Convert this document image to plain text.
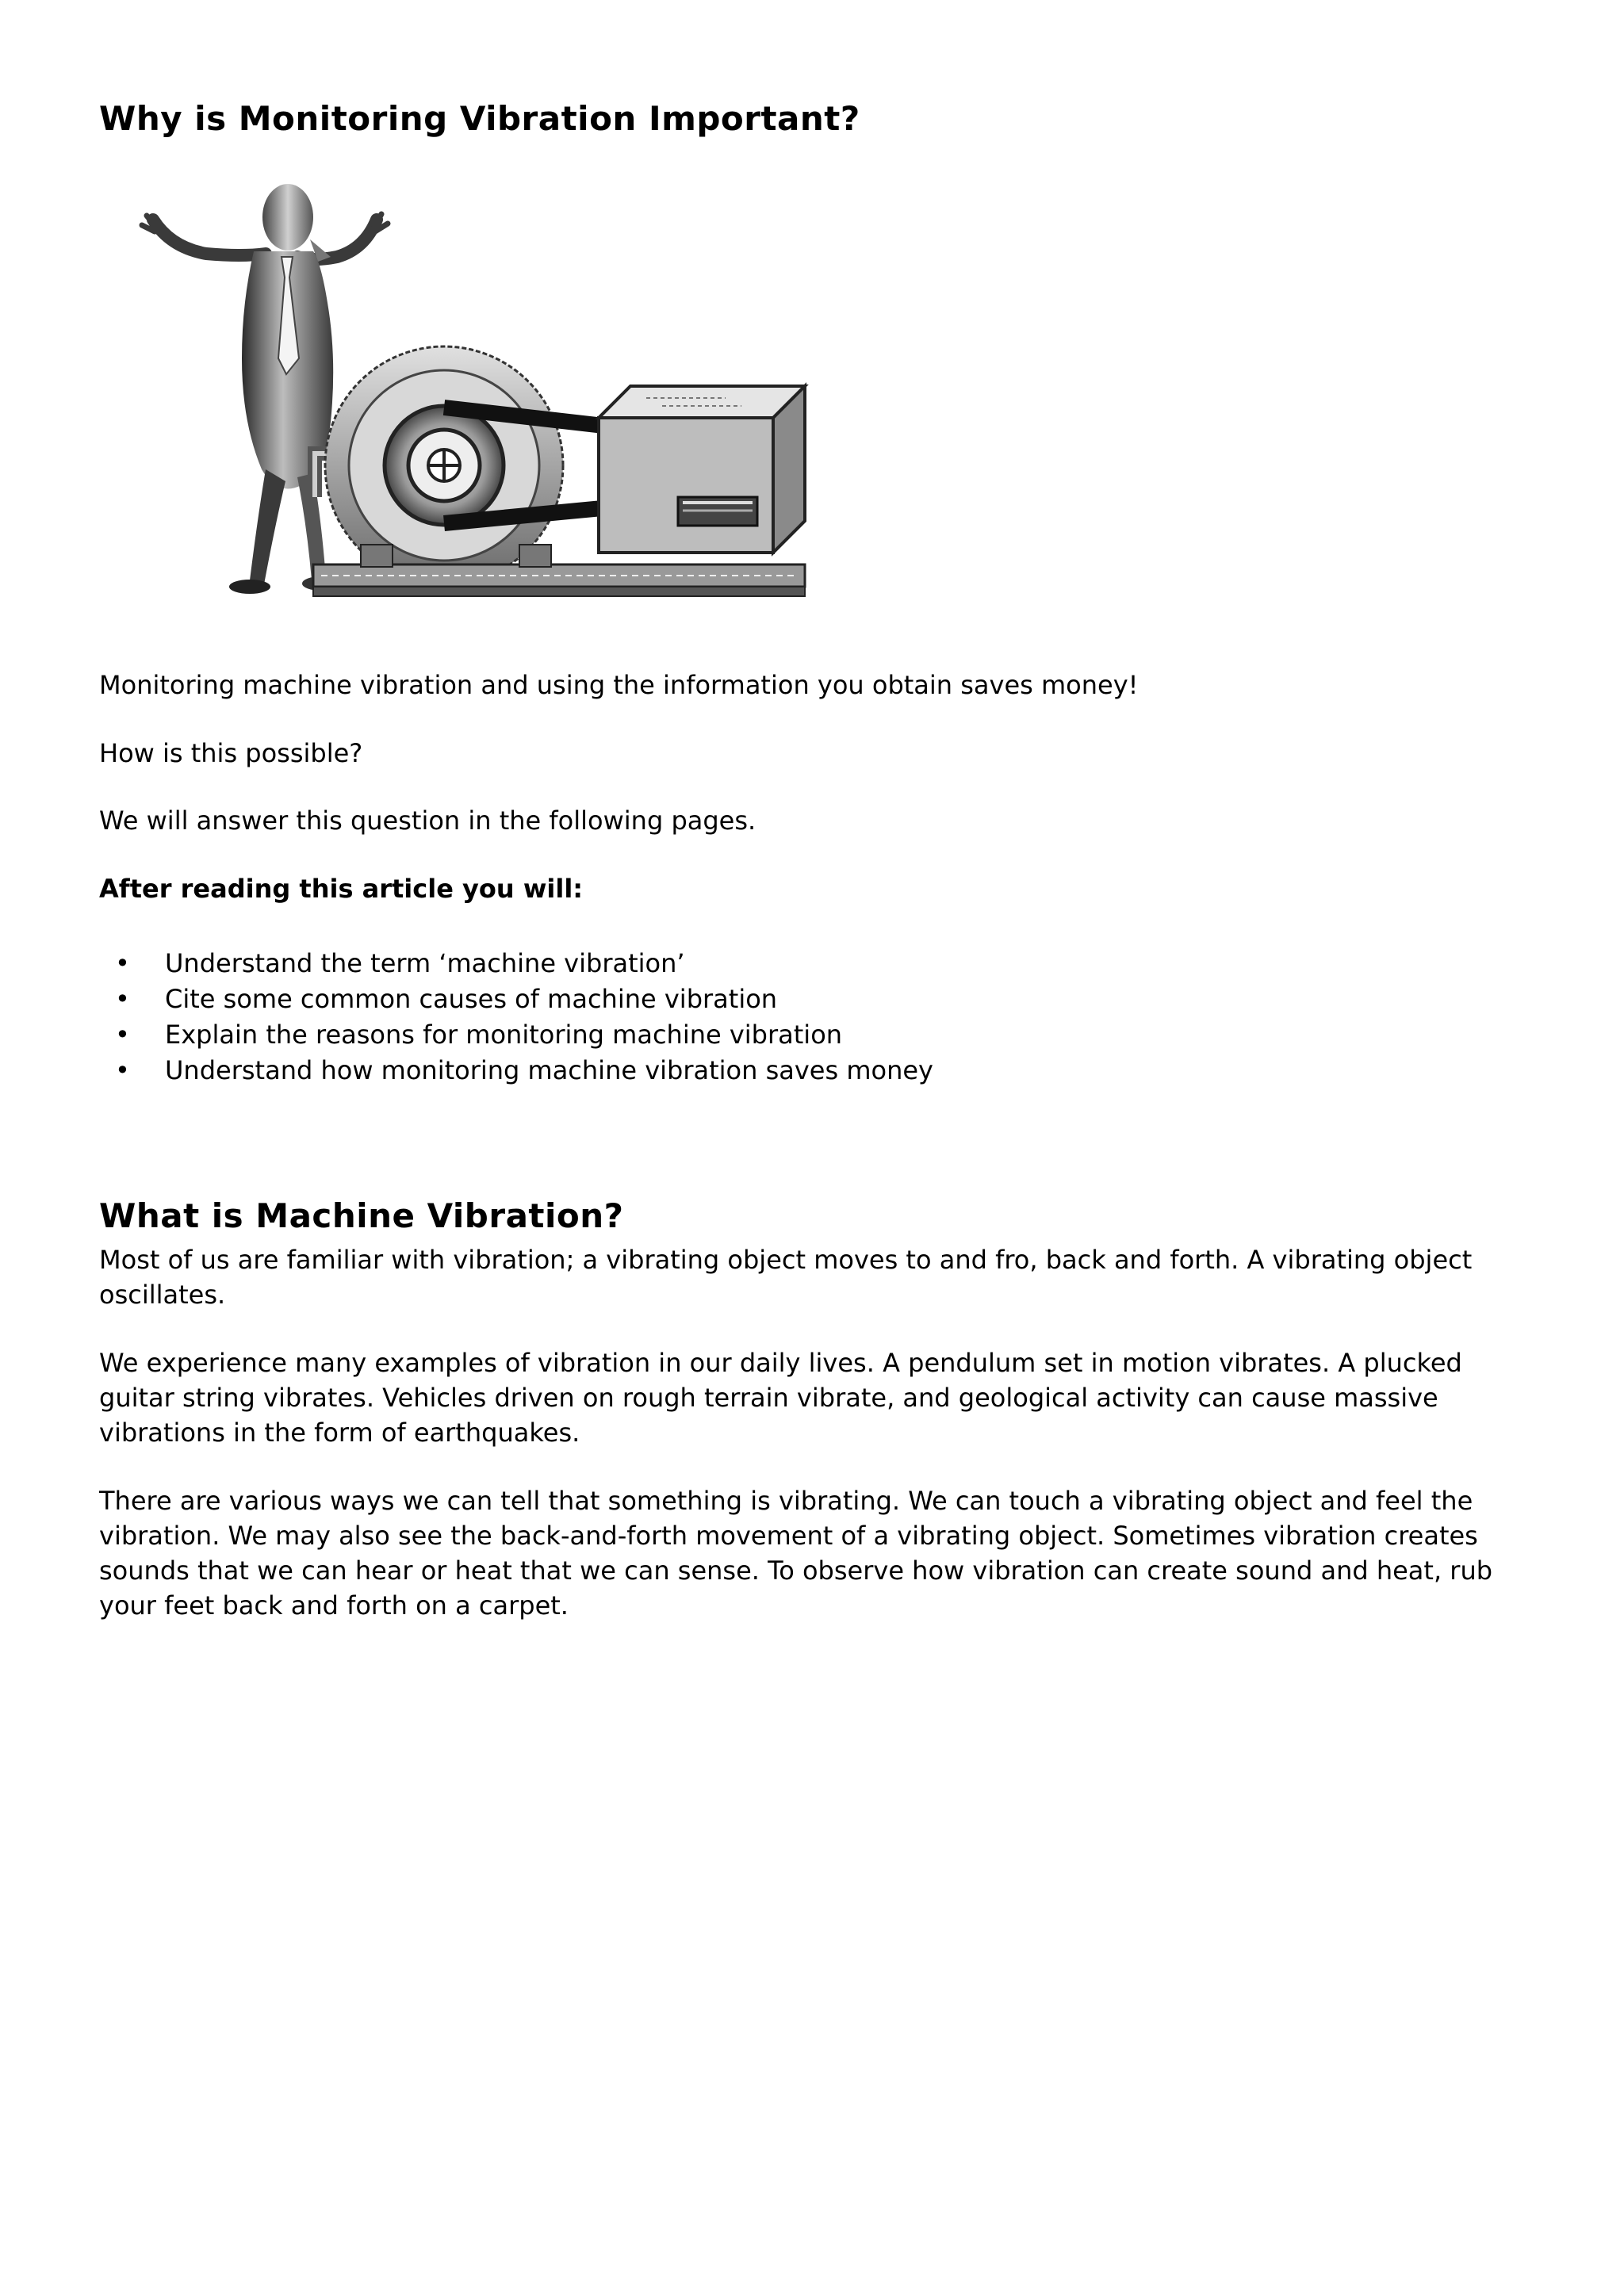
Why is Monitoring Vibration Important?

Monitoring machine vibration and using the information you obtain saves money!

How is this possible?

We will answer this question in the following pages.

After reading this article you will:

• Understand the term ‘machine vibration’
• Cite some common causes of machine vibration
• Explain the reasons for monitoring machine vibration
• Understand how monitoring machine vibration saves money
What is Machine Vibration?

Most of us are familiar with vibration; a vibrating object moves to and fro, back and forth. A vibrating object oscillates.

We experience many examples of vibration in our daily lives. A pendulum set in motion vibrates. A plucked guitar string vibrates. Vehicles driven on rough terrain vibrate, and geological activity can cause massive vibrations in the form of earthquakes.

There are various ways we can tell that something is vibrating. We can touch a vibrating object and feel the vibration. We may also see the back-and-forth movement of a vibrating object. Sometimes vibration creates sounds that we can hear or heat that we can sense. To observe how vibration can create sound and heat, rub your feet back and forth on a carpet.
